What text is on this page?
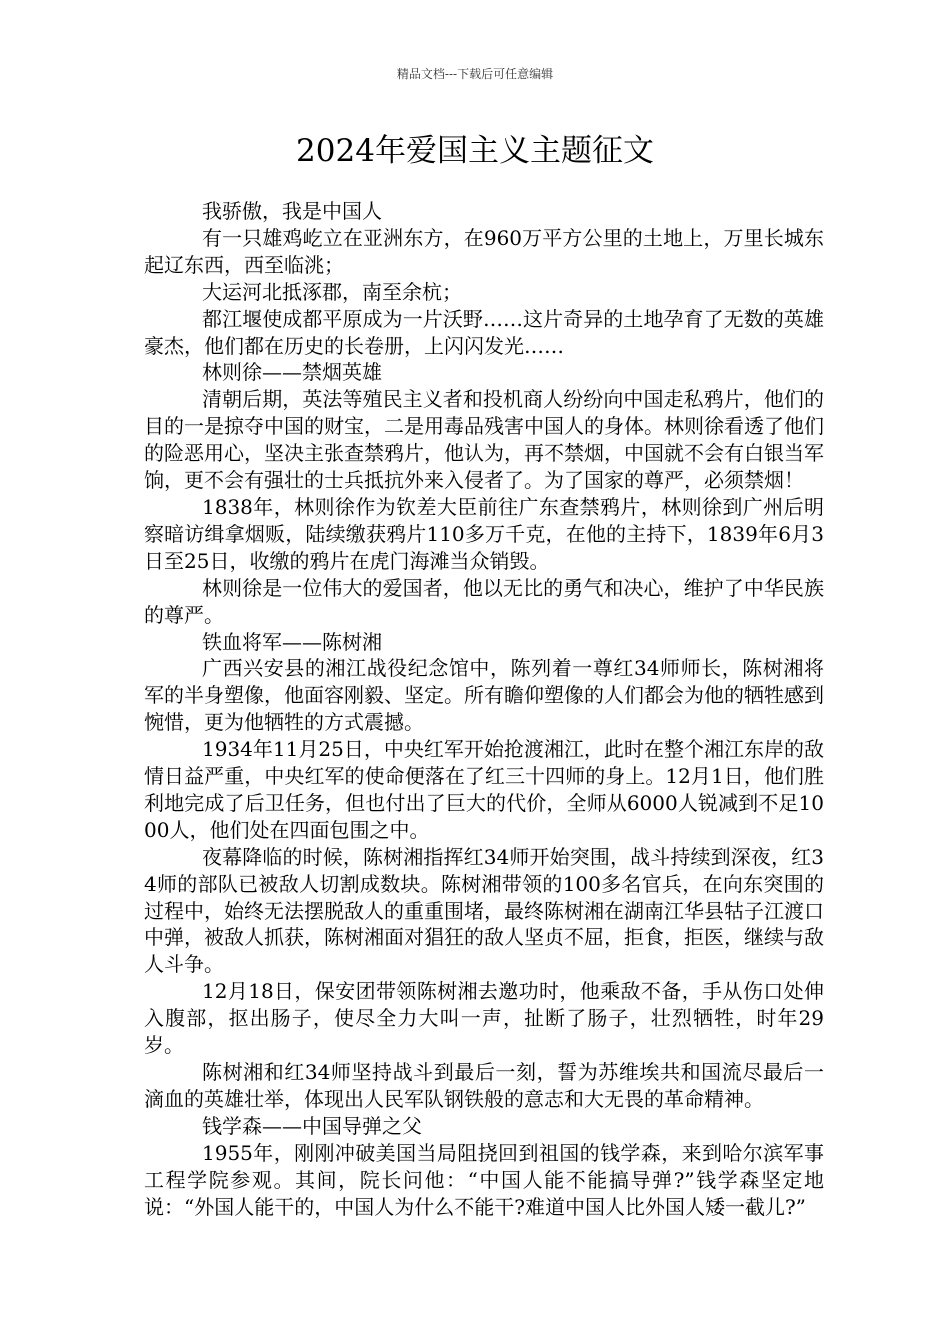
精品文档---下载后可任意编辑
2024年爱国主义主题征文

我骄傲，我是中国人

有一只雄鸡屹立在亚洲东方，在960万平方公里的土地上，万里长城东起辽东西，西至临洮；

大运河北抵涿郡，南至余杭；

都江堰使成都平原成为一片沃野……这片奇异的土地孕育了无数的英雄豪杰，他们都在历史的长卷册，上闪闪发光……

林则徐——禁烟英雄

清朝后期，英法等殖民主义者和投机商人纷纷向中国走私鸦片，他们的目的一是掠夺中国的财宝，二是用毒品残害中国人的身体。林则徐看透了他们的险恶用心，坚决主张查禁鸦片，他认为，再不禁烟，中国就不会有白银当军饷，更不会有强壮的士兵抵抗外来入侵者了。为了国家的尊严，必须禁烟！

1838年，林则徐作为钦差大臣前往广东查禁鸦片，林则徐到广州后明察暗访缉拿烟贩，陆续缴获鸦片110多万千克，在他的主持下，1839年6月3日至25日，收缴的鸦片在虎门海滩当众销毁。

林则徐是一位伟大的爱国者，他以无比的勇气和决心，维护了中华民族的尊严。

铁血将军——陈树湘

广西兴安县的湘江战役纪念馆中，陈列着一尊红34师师长，陈树湘将军的半身塑像，他面容刚毅、坚定。所有瞻仰塑像的人们都会为他的牺牲感到惋惜，更为他牺牲的方式震撼。

1934年11月25日，中央红军开始抢渡湘江，此时在整个湘江东岸的敌情日益严重，中央红军的使命便落在了红三十四师的身上。12月1日，他们胜利地完成了后卫任务，但也付出了巨大的代价，全师从6000人锐减到不足1000人，他们处在四面包围之中。

夜幕降临的时候，陈树湘指挥红34师开始突围，战斗持续到深夜，红34师的部队已被敌人切割成数块。陈树湘带领的100多名官兵，在向东突围的过程中，始终无法摆脱敌人的重重围堵，最终陈树湘在湖南江华县牯子江渡口中弹，被敌人抓获，陈树湘面对猖狂的敌人坚贞不屈，拒食，拒医，继续与敌人斗争。

12月18日，保安团带领陈树湘去邀功时，他乘敌不备，手从伤口处伸入腹部，抠出肠子，使尽全力大叫一声，扯断了肠子，壮烈牺牲，时年29岁。

陈树湘和红34师坚持战斗到最后一刻，誓为苏维埃共和国流尽最后一滴血的英雄壮举，体现出人民军队钢铁般的意志和大无畏的革命精神。

钱学森——中国导弹之父

1955年，刚刚冲破美国当局阻挠回到祖国的钱学森，来到哈尔滨军事工程学院参观。其间，院长问他：“中国人能不能搞导弹?”钱学森坚定地说：“外国人能干的，中国人为什么不能干?难道中国人比外国人矮一截儿?”
